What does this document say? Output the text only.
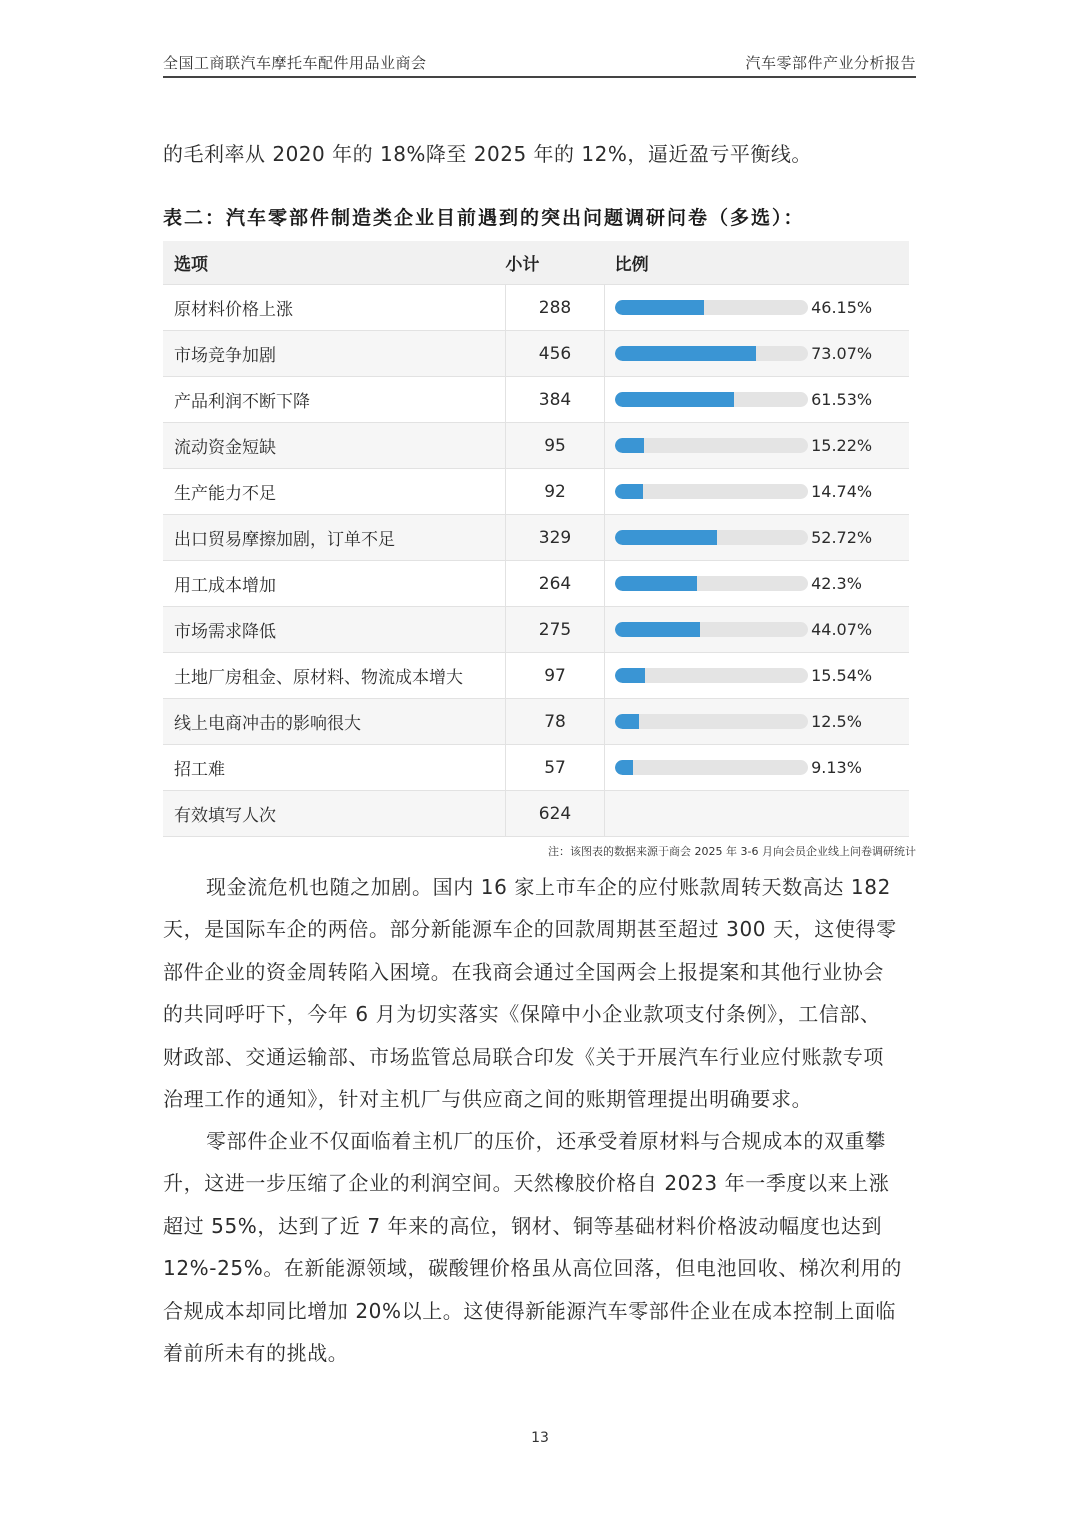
全国工商联汽车摩托车配件用品业商会	汽车零部件产业分析报告
的毛利率从 2020 年的 18%降至 2025 年的 12%，逼近盈亏平衡线。
表二：汽车零部件制造类企业目前遇到的突出问题调研问卷（多选）：
选项	小计	比例
原材料价格上涨	288	46.15%

市场竞争加剧	456	73.07%

产品利润不断下降	384	61.53%

流动资金短缺	95	15.22%

生产能力不足	92	14.74%

出口贸易摩擦加剧，订单不足	329	52.72%

用工成本增加	264	42.3%

市场需求降低	275	44.07%

土地厂房租金、原材料、物流成本增大	97	15.54%

线上电商冲击的影响很大	78	12.5%

招工难	57	9.13%

有效填写人次	624	
注：该图表的数据来源于商会 2025 年 3-6 月向会员企业线上问卷调研统计
现金流危机也随之加剧。国内 16 家上市车企的应付账款周转天数高达 182
天，是国际车企的两倍。部分新能源车企的回款周期甚至超过 300 天，这使得零
部件企业的资金周转陷入困境。在我商会通过全国两会上报提案和其他行业协会
的共同呼吁下，今年 6 月为切实落实《保障中小企业款项支付条例》，工信部、
财政部、交通运输部、市场监管总局联合印发《关于开展汽车行业应付账款专项
治理工作的通知》，针对主机厂与供应商之间的账期管理提出明确要求。
零部件企业不仅面临着主机厂的压价，还承受着原材料与合规成本的双重攀
升，这进一步压缩了企业的利润空间。天然橡胶价格自 2023 年一季度以来上涨
超过 55%，达到了近 7 年来的高位，钢材、铜等基础材料价格波动幅度也达到
12%-25%。在新能源领域，碳酸锂价格虽从高位回落，但电池回收、梯次利用的
合规成本却同比增加 20%以上。这使得新能源汽车零部件企业在成本控制上面临
着前所未有的挑战。
13
